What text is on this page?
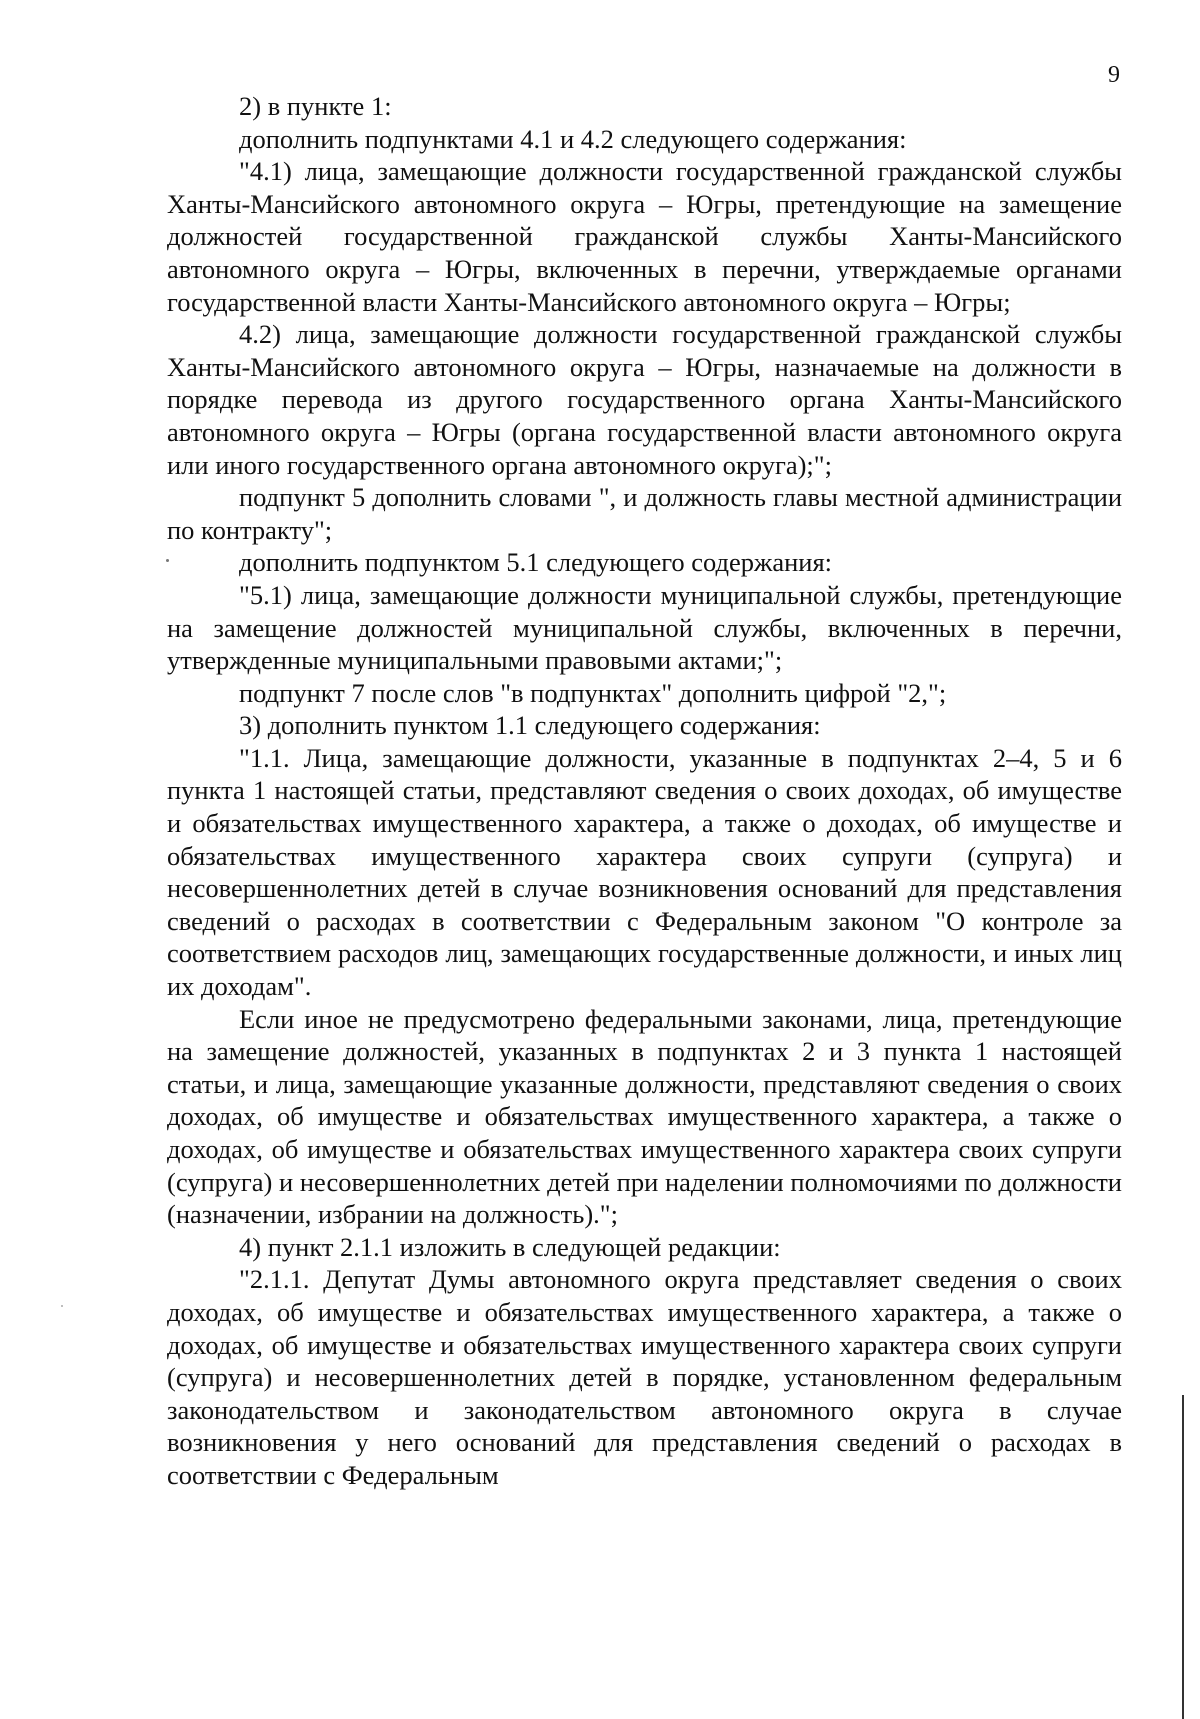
9

2) в пункте 1:

дополнить подпунктами 4.1 и 4.2 следующего содержания:

"4.1) лица, замещающие должности государственной гражданской службы Ханты-Мансийского автономного округа – Югры, претендующие на замещение должностей государственной гражданской службы Ханты-Мансийского автономного округа – Югры, включенных в перечни, утверждаемые органами государственной власти Ханты-Мансийского автономного округа – Югры;

4.2) лица, замещающие должности государственной гражданской службы Ханты-Мансийского автономного округа – Югры, назначаемые на должности в порядке перевода из другого государственного органа Ханты-Мансийского автономного округа – Югры (органа государственной власти автономного округа или иного государственного органа автономного округа);";

подпункт 5 дополнить словами ", и должность главы местной администрации по контракту";

дополнить подпунктом 5.1 следующего содержания:

"5.1) лица, замещающие должности муниципальной службы, претендующие на замещение должностей муниципальной службы, включенных в перечни, утвержденные муниципальными правовыми актами;";

подпункт 7 после слов "в подпунктах" дополнить цифрой "2,";

3) дополнить пунктом 1.1 следующего содержания:

"1.1. Лица, замещающие должности, указанные в подпунктах 2–4, 5 и 6 пункта 1 настоящей статьи, представляют сведения о своих доходах, об имуществе и обязательствах имущественного характера, а также о доходах, об имуществе и обязательствах имущественного характера своих супруги (супруга) и несовершеннолетних детей в случае возникновения оснований для представления сведений о расходах в соответствии с Федеральным законом "О контроле за соответствием расходов лиц, замещающих государственные должности, и иных лиц их доходам".

Если иное не предусмотрено федеральными законами, лица, претендующие на замещение должностей, указанных в подпунктах 2 и 3 пункта 1 настоящей статьи, и лица, замещающие указанные должности, представляют сведения о своих доходах, об имуществе и обязательствах имущественного характера, а также о доходах, об имуществе и обязательствах имущественного характера своих супруги (супруга) и несовершеннолетних детей при наделении полномочиями по должности (назначении, избрании на должность).";

4) пункт 2.1.1 изложить в следующей редакции:

"2.1.1. Депутат Думы автономного округа представляет сведения о своих доходах, об имуществе и обязательствах имущественного характера, а также о доходах, об имуществе и обязательствах имущественного характера своих супруги (супруга) и несовершеннолетних детей в порядке, установленном федеральным законодательством и законодательством автономного округа в случае возникновения у него оснований для представления сведений о расходах в соответствии с Федеральным
